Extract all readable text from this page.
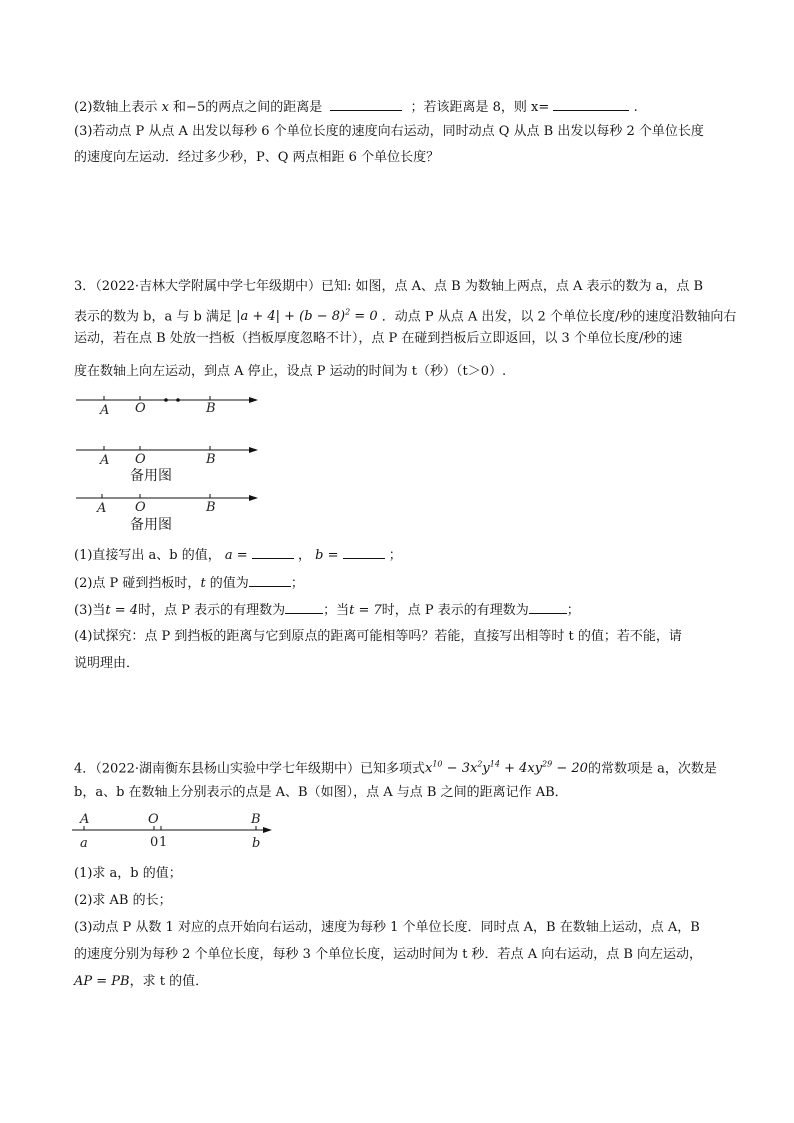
(2)数轴上表示 x 和−5的两点之间的距离是	；若该距离是 8，则 x=	.
(3)若动点 P 从点 A 出发以每秒 6 个单位长度的速度向右运动，同时动点 Q 从点 B 出发以每秒 2 个单位长度
的速度向左运动．经过多少秒，P、Q 两点相距 6 个单位长度？
3．（2022·吉林大学附属中学七年级期中）已知: 如图，点 A、点 B 为数轴上两点，点 A 表示的数为 a，点 B
表示的数为 b，a 与 b 满足 $|a + 4| + (b - 8)^2 = 0$ ．动点 P 从点 A 出发，以 2 个单位长度/秒的速度沿数轴向右
运动，若在点 B 处放一挡板（挡板厚度忽略不计），点 P 在碰到挡板后立即返回，以 3 个单位长度/秒的速
度在数轴上向左运动，到点 A 停止，设点 P 运动的时间为 t（秒）（t＞0）.
A O	B
A O	B
备用图
A O	B
备用图
(1)直接写出 a、b 的值， a =	， b =	；
(2)点 P 碰到挡板时，t 的值为	；
(3)当t = 4时，点 P 表示的有理数为	；当t = 7时，点 P 表示的有理数为	；
(4)试探究：点 P 到挡板的距离与它到原点的距离可能相等吗？若能，直接写出相等时 t 的值；若不能，请
说明理由．
4．（2022·湖南衡东县杨山实验中学七年级期中）已知多项式$x^{10} - 3x^2y^{14} + 4xy^{29} - 20$的常数项是 a，次数是
b，a、b 在数轴上分别表示的点是 A、B（如图），点 A 与点 B 之间的距离记作 AB．
A	O	B
a	0 1	b
(1)求 a，b 的值；
(2)求 AB 的长；
(3)动点 P 从数 1 对应的点开始向右运动，速度为每秒 1 个单位长度．同时点 A，B 在数轴上运动，点 A，B
的速度分别为每秒 2 个单位长度，每秒 3 个单位长度，运动时间为 t 秒．若点 A 向右运动，点 B 向左运动，
AP = PB，求 t 的值．
